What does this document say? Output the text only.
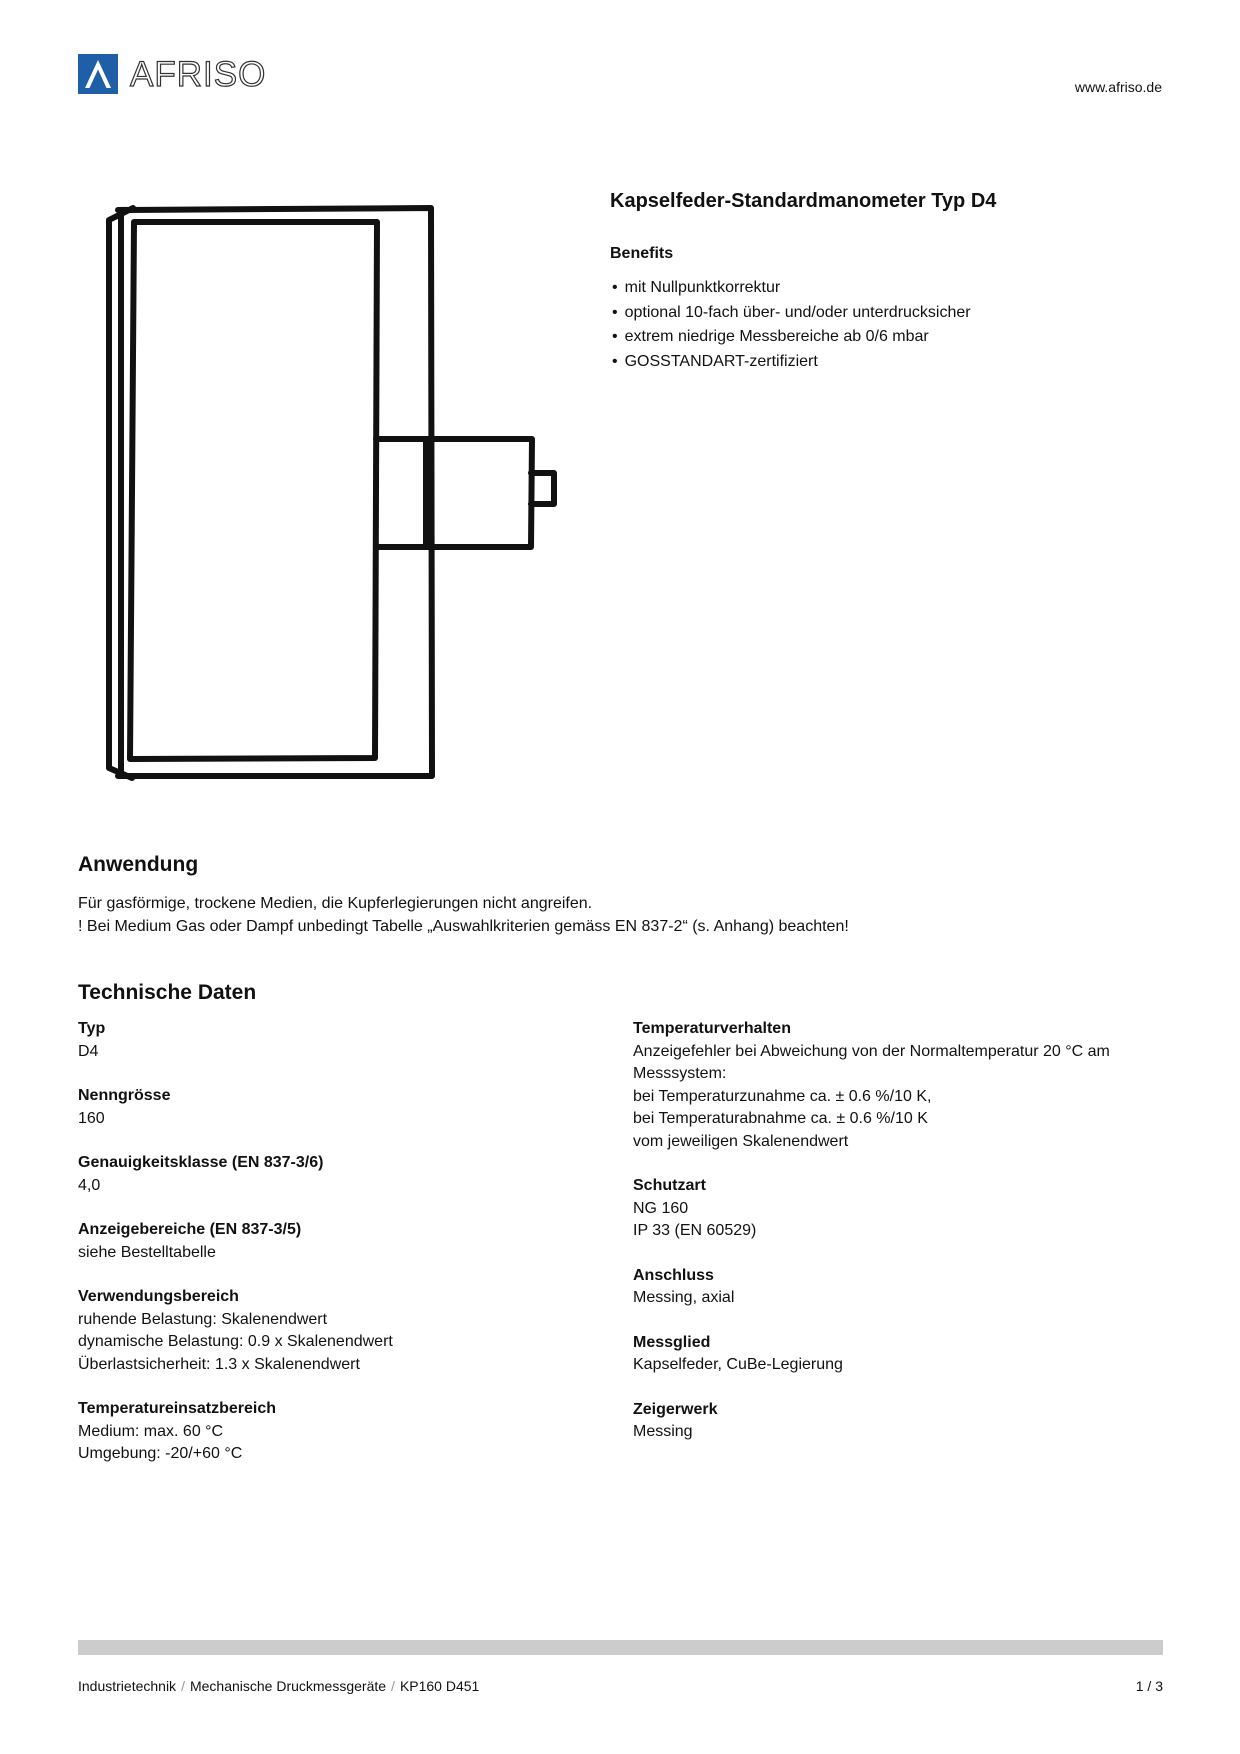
AFRISO	www.afriso.de
Kapselfeder-Standardmanometer Typ D4
Benefits
• mit Nullpunktkorrektur
• optional 10-fach über- und/oder unterdrucksicher
• extrem niedrige Messbereiche ab 0/6 mbar
• GOSSTANDART-zertifiziert
Anwendung
Für gasförmige, trockene Medien, die Kupferlegierungen nicht angreifen.
! Bei Medium Gas oder Dampf unbedingt Tabelle „Auswahlkriterien gemäss EN 837-2“ (s. Anhang) beachten!
Technische Daten
Typ
D4
Nenngrösse
160
Genauigkeitsklasse (EN 837-3/6)
4,0
Anzeigebereiche (EN 837-3/5)
siehe Bestelltabelle
Verwendungsbereich
ruhende Belastung: Skalenendwert
dynamische Belastung: 0.9 x Skalenendwert
Überlastsicherheit: 1.3 x Skalenendwert
Temperatureinsatzbereich
Medium: max. 60 °C
Umgebung: -20/+60 °C
Temperaturverhalten
Anzeigefehler bei Abweichung von der Normaltemperatur 20 °C am
Messsystem:
bei Temperaturzunahme ca. ± 0.6 %/10 K,
bei Temperaturabnahme ca. ± 0.6 %/10 K
vom jeweiligen Skalenendwert
Schutzart
NG 160
IP 33 (EN 60529)
Anschluss
Messing, axial
Messglied
Kapselfeder, CuBe-Legierung
Zeigerwerk
Messing
Industrietechnik / Mechanische Druckmessgeräte / KP160 D451	1 / 3
